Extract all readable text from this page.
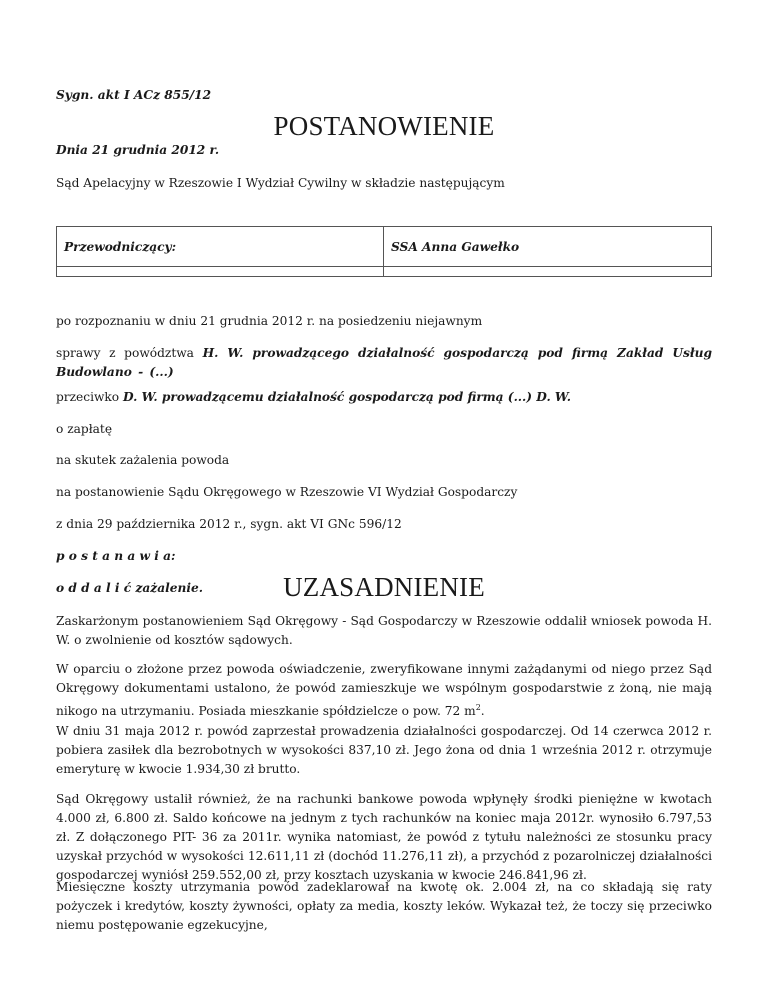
Sygn. akt I ACz 855/12

POSTANOWIENIE

Dnia 21 grudnia 2012 r.

Sąd Apelacyjny w Rzeszowie I Wydział Cywilny w składzie następującym

Przewodniczący:	SSA Anna Gawełko

po rozpoznaniu w dniu 21 grudnia 2012 r. na posiedzeniu niejawnym

sprawy z powództwa H. W. prowadzącego działalność gospodarczą pod firmą Zakład Usług Budowlano - (...)

przeciwko D. W. prowadzącemu działalność gospodarczą pod firmą (...) D. W.

o zapłatę

na skutek zażalenia powoda

na postanowienie Sądu Okręgowego w Rzeszowie VI Wydział Gospodarczy

z dnia 29 października 2012 r., sygn. akt VI GNc 596/12

p o s t a n a w i a:

o d d a l i ć zażalenie.	UZASADNIENIE

Zaskarżonym postanowieniem Sąd Okręgowy - Sąd Gospodarczy w Rzeszowie oddalił wniosek powoda H. W. o zwolnienie od kosztów sądowych.

W oparciu o złożone przez powoda oświadczenie, zweryfikowane innymi zażądanymi od niego przez Sąd Okręgowy dokumentami ustalono, że powód zamieszkuje we wspólnym gospodarstwie z żoną, nie mają nikogo na utrzymaniu. Posiada mieszkanie spółdzielcze o pow. 72 $m^2$.

W dniu 31 maja 2012 r. powód zaprzestał prowadzenia działalności gospodarczej. Od 14 czerwca 2012 r. pobiera zasiłek dla bezrobotnych w wysokości 837,10 zł. Jego żona od dnia 1 września 2012 r. otrzymuje emeryturę w kwocie 1.934,30 zł brutto.

Sąd Okręgowy ustalił również, że na rachunki bankowe powoda wpłynęły środki pieniężne w kwotach 4.000 zł, 6.800 zł. Saldo końcowe na jednym z tych rachunków na koniec maja 2012r. wynosiło 6.797,53 zł. Z dołączonego PIT- 36 za 2011r. wynika natomiast, że powód z tytułu należności ze stosunku pracy uzyskał przychód w wysokości 12.611,11 zł (dochód 11.276,11 zł), a przychód z pozarolniczej działalności gospodarczej wyniósł 259.552,00 zł, przy kosztach uzyskania w kwocie 246.841,96 zł.

Miesięczne koszty utrzymania powód zadeklarował na kwotę ok. 2.004 zł, na co składają się raty pożyczek i kredytów, koszty żywności, opłaty za media, koszty leków. Wykazał też, że toczy się przeciwko niemu postępowanie egzekucyjne,
